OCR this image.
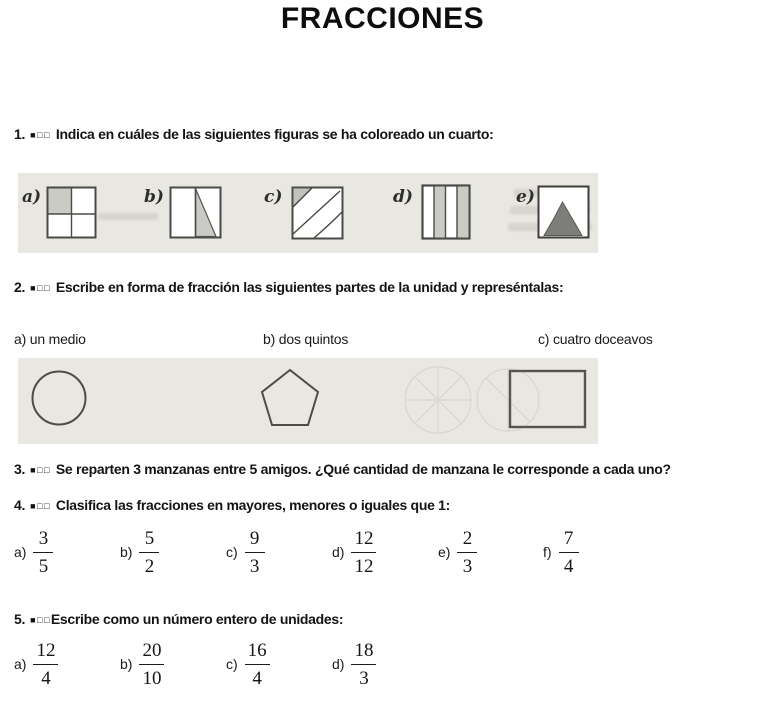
FRACCIONES
1. ■□□ Indica en cuáles de las siguientes figuras se ha coloreado un cuarto:
a)	b)	c)	d)	e)
2. ■□□ Escribe en forma de fracción las siguientes partes de la unidad y represéntalas:
a) un medio	b) dos quintos	c) cuatro doceavos
3. ■□□ Se reparten 3 manzanas entre 5 amigos. ¿Qué cantidad de manzana le corresponde a cada uno?
4. ■□□ Clasifica las fracciones en mayores, menores o iguales que 1:
$a) \frac{3}{5}$	$b) \frac{5}{2}$	$c) \frac{9}{3}$	$d) \frac{12}{12}$	$e) \frac{2}{3}$	$f) \frac{7}{4}$
5. ■□□Escribe como un número entero de unidades:
$a) \frac{12}{4}$	$b) \frac{20}{10}$	$c) \frac{16}{4}$	$d) \frac{18}{3}$
